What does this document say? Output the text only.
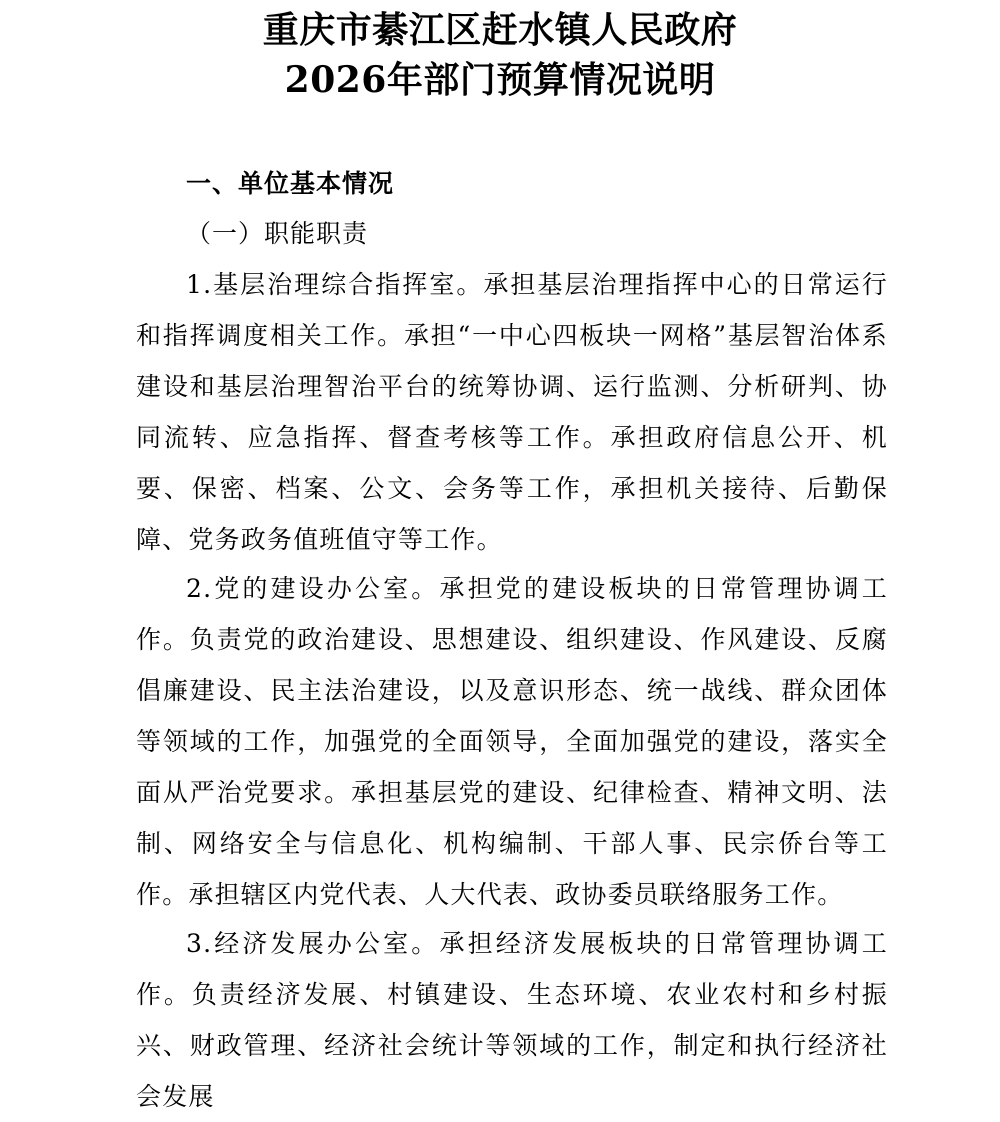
重庆市綦江区赶水镇人民政府
2026年部门预算情况说明
一、单位基本情况
（一）职能职责

1.基层治理综合指挥室。承担基层治理指挥中心的日常运行和指挥调度相关工作。承担“一中心四板块一网格”基层智治体系建设和基层治理智治平台的统筹协调、运行监测、分析研判、协同流转、应急指挥、督查考核等工作。承担政府信息公开、机要、保密、档案、公文、会务等工作，承担机关接待、后勤保障、党务政务值班值守等工作。

2.党的建设办公室。承担党的建设板块的日常管理协调工作。负责党的政治建设、思想建设、组织建设、作风建设、反腐倡廉建设、民主法治建设，以及意识形态、统一战线、群众团体等领域的工作，加强党的全面领导，全面加强党的建设，落实全面从严治党要求。承担基层党的建设、纪律检查、精神文明、法制、网络安全与信息化、机构编制、干部人事、民宗侨台等工作。承担辖区内党代表、人大代表、政协委员联络服务工作。

3.经济发展办公室。承担经济发展板块的日常管理协调工作。负责经济发展、村镇建设、生态环境、农业农村和乡村振兴、财政管理、经济社会统计等领域的工作，制定和执行经济社会发展
